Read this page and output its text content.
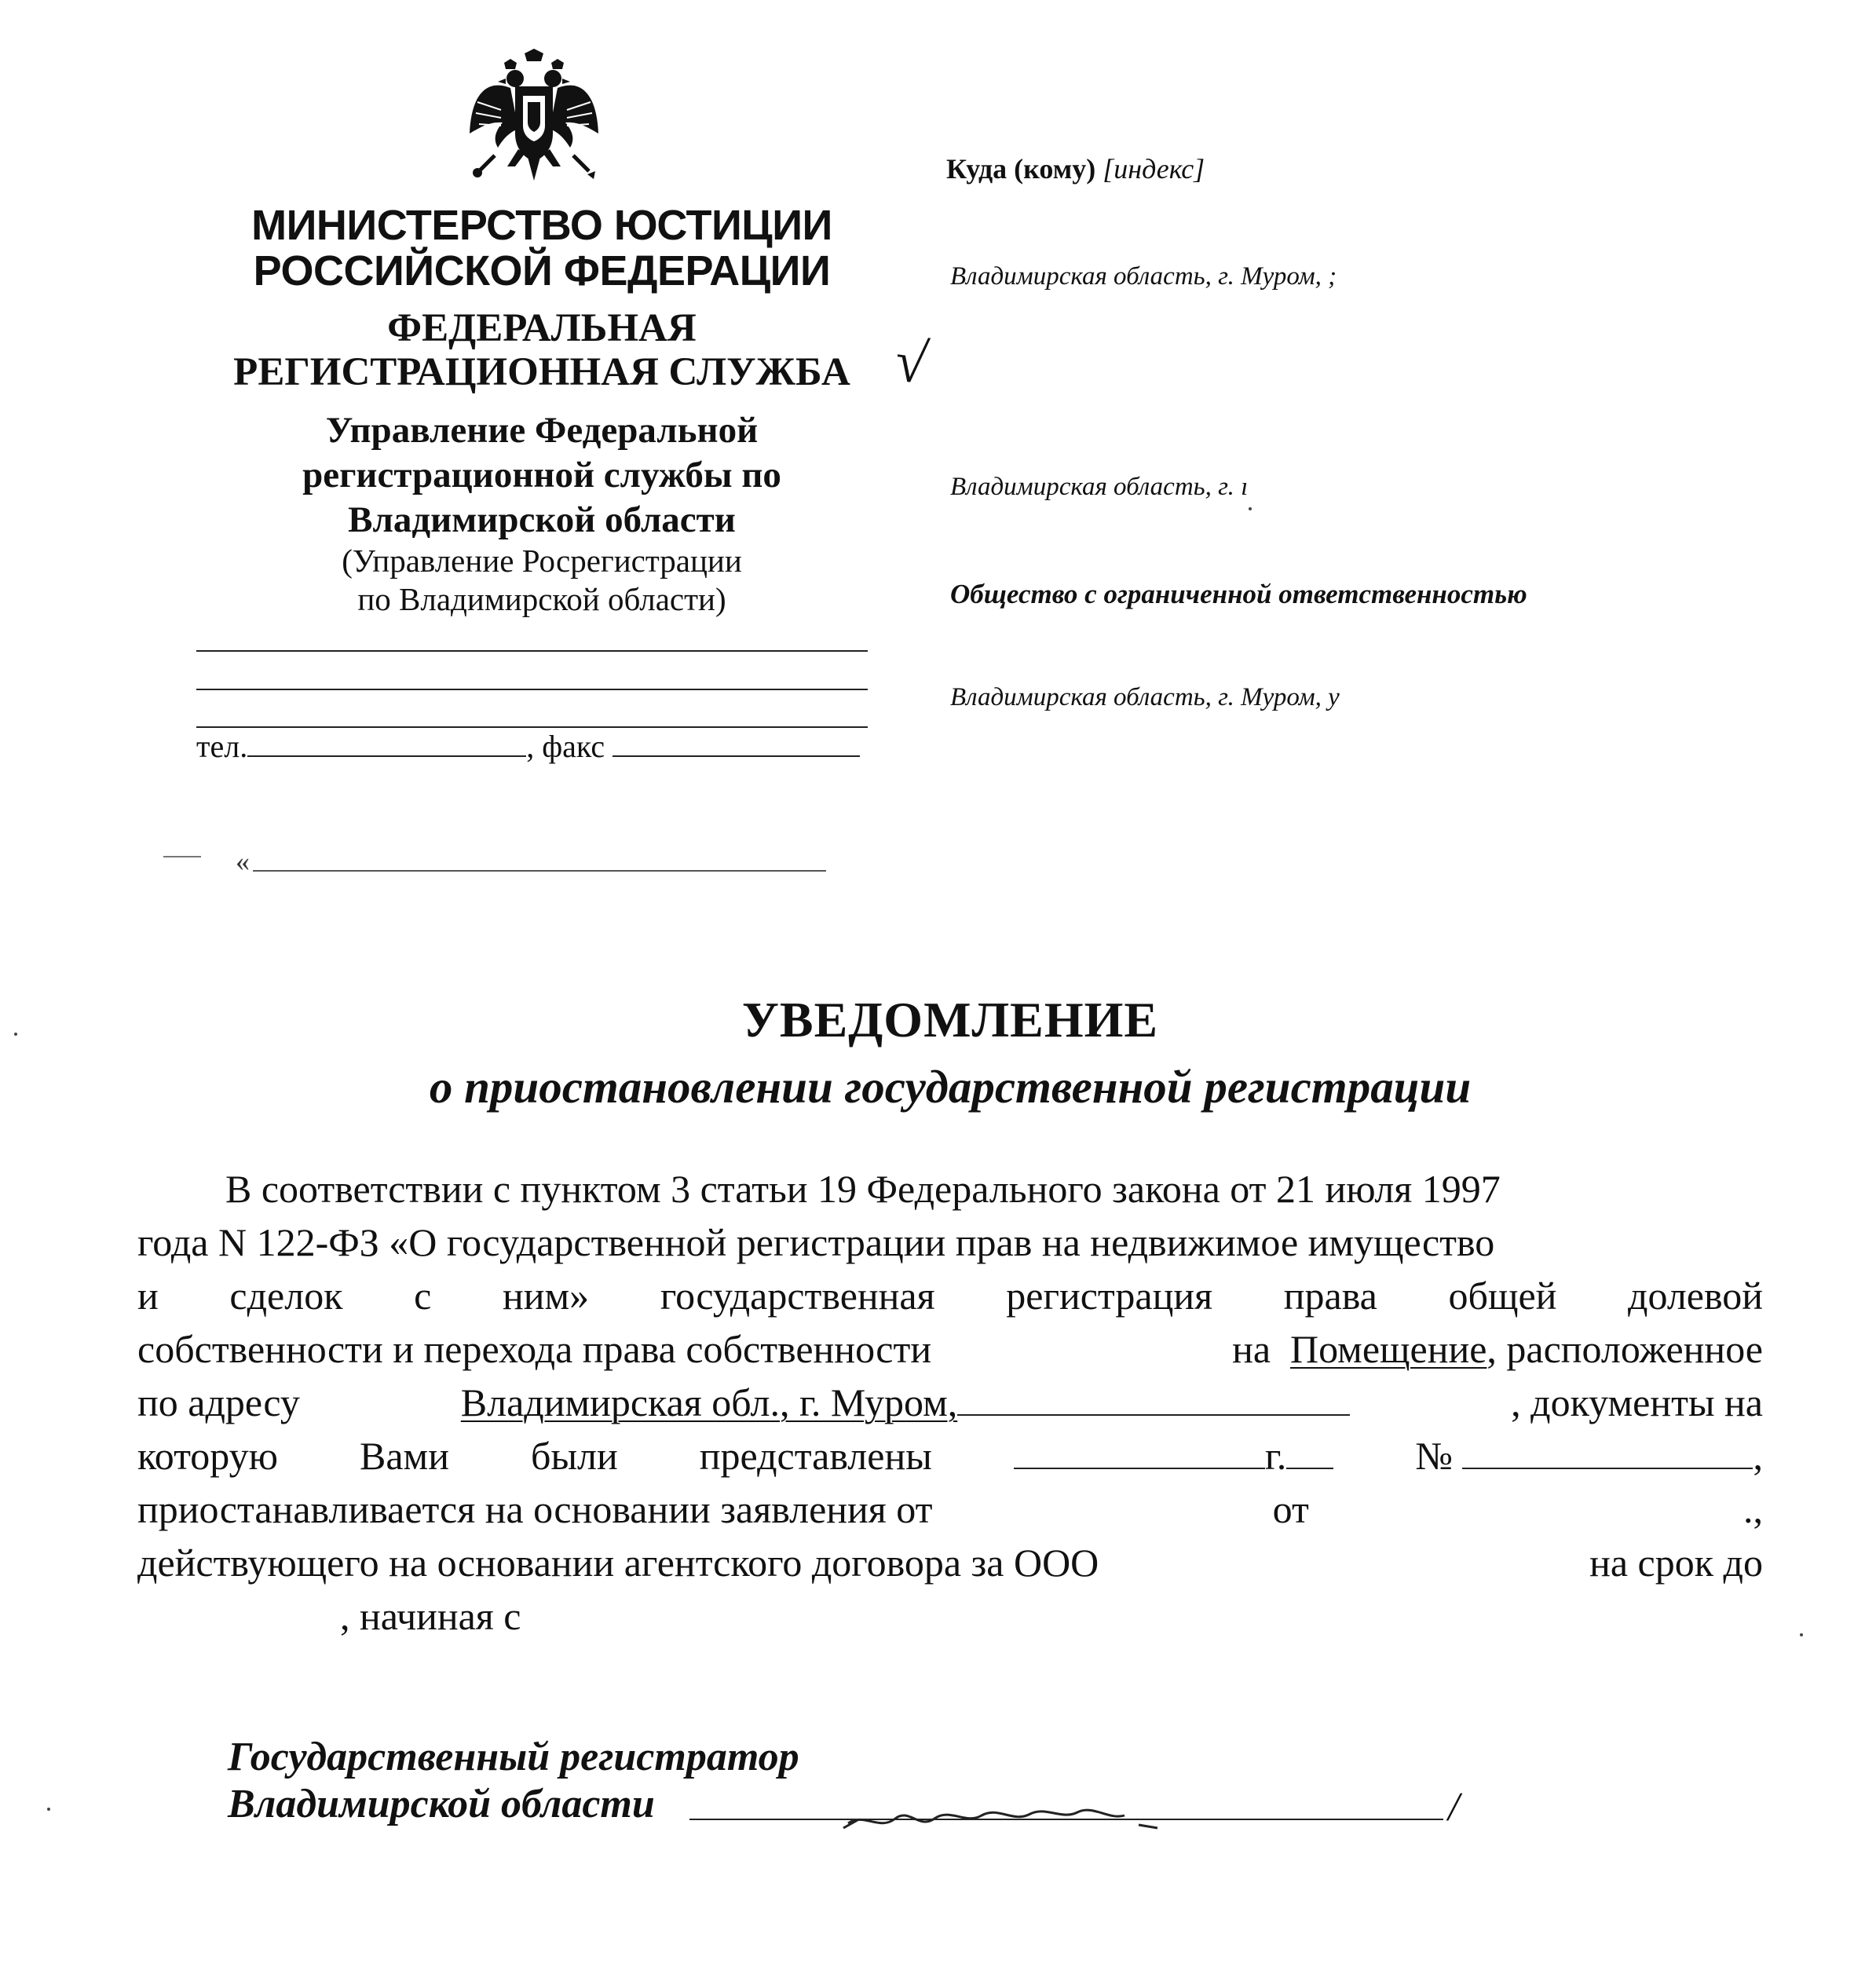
МИНИСТЕРСТВО ЮСТИЦИИ
РОССИЙСКОЙ ФЕДЕРАЦИИ
ФЕДЕРАЛЬНАЯ
РЕГИСТРАЦИОННАЯ СЛУЖБА
Управление Федеральной
регистрационной службы по
Владимирской области
(Управление Росрегистрации
по Владимирской области)
тел.	, факс
«
Куда (кому) [индекс]
Владимирская область, г. Муром, ;
√
Владимирская область, г. ı
Общество с ограниченной ответственностью
Владимирская область, г. Муром, у
УВЕДОМЛЕНИЕ
о приостановлении государственной регистрации
В соответствии с пунктом 3 статьи 19 Федерального закона от 21 июля 1997
года N 122-ФЗ «О государственной регистрации прав на недвижимое имущество
и сделок с ним» государственная регистрация права общей долевой
собственности и перехода права собственности	на Помещение, расположенное
по адресу	Владимирская обл., г. Муром,	, документы на
которую Вами были представлены	г.	№	,
приостанавливается на основании заявления от	от	.,
действующего на основании агентского договора за ООО	на срок до
, начиная с
Государственный регистратор
Владимирской области	/
